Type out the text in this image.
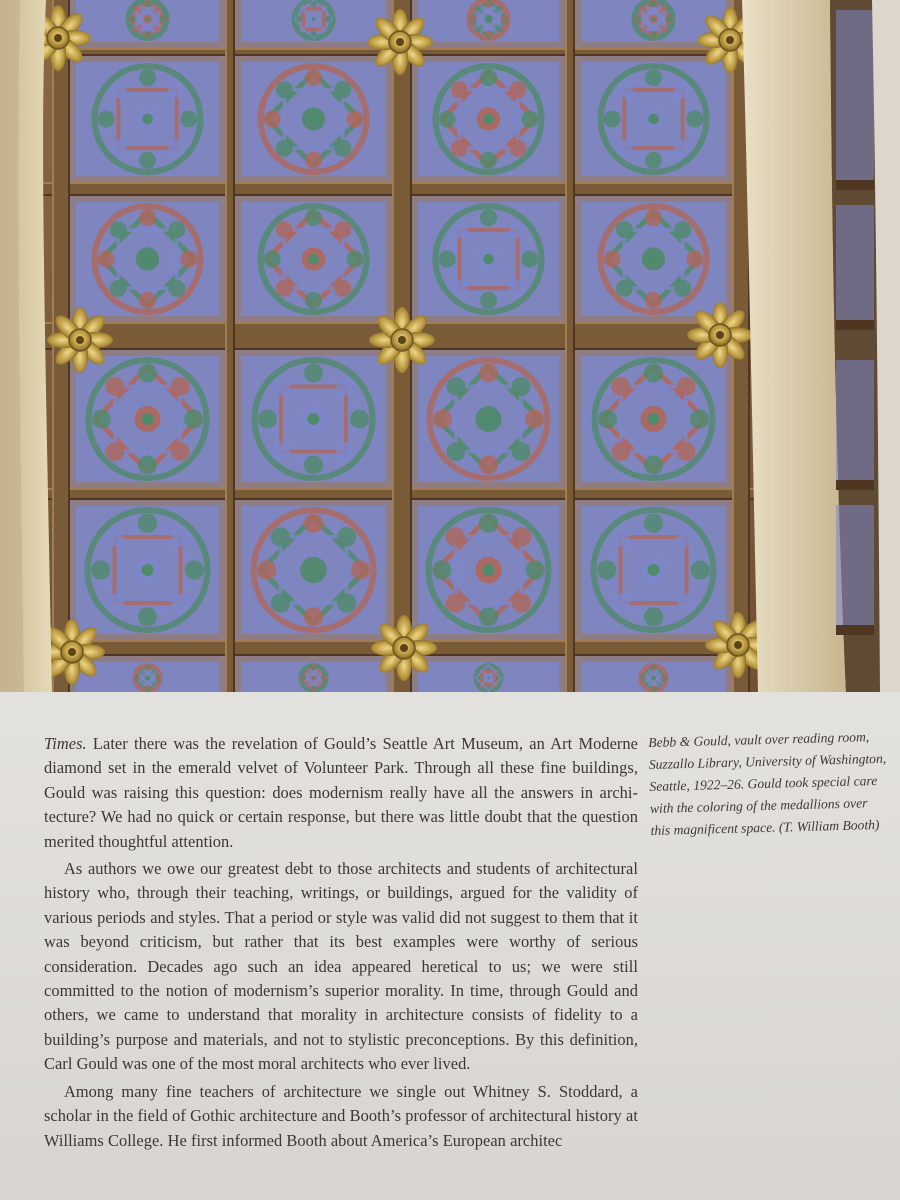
Times. Later there was the revelation of Gould’s Seattle Art Museum, an Art Moderne diamond set in the emerald velvet of Volunteer Park. Through all these fine buildings, Gould was raising this question: does modernism really have all the answers in architecture? We had no quick or certain response, but there was little doubt that the question merited thoughtful attention.

As authors we owe our greatest debt to those architects and students of architectural history who, through their teaching, writings, or buildings, argued for the validity of various periods and styles. That a period or style was valid did not suggest to them that it was beyond criticism, but rather that its best examples were worthy of serious consideration. Decades ago such an idea appeared heretical to us; we were still committed to the notion of modernism’s superior morality. In time, through Gould and others, we came to understand that morality in architecture consists of fidelity to a building’s purpose and materials, and not to stylistic preconceptions. By this definition, Carl Gould was one of the most moral architects who ever lived.

Among many fine teachers of architecture we single out Whitney S. Stoddard, a scholar in the field of Gothic architecture and Booth’s professor of architectural history at Williams College. He first informed Booth about America’s European architec

Bebb & Gould, vault over reading room, Suzzallo Library, University of Washington, Seattle, 1922–26. Gould took special care with the coloring of the medallions over this magnificent space. (T. William Booth)
